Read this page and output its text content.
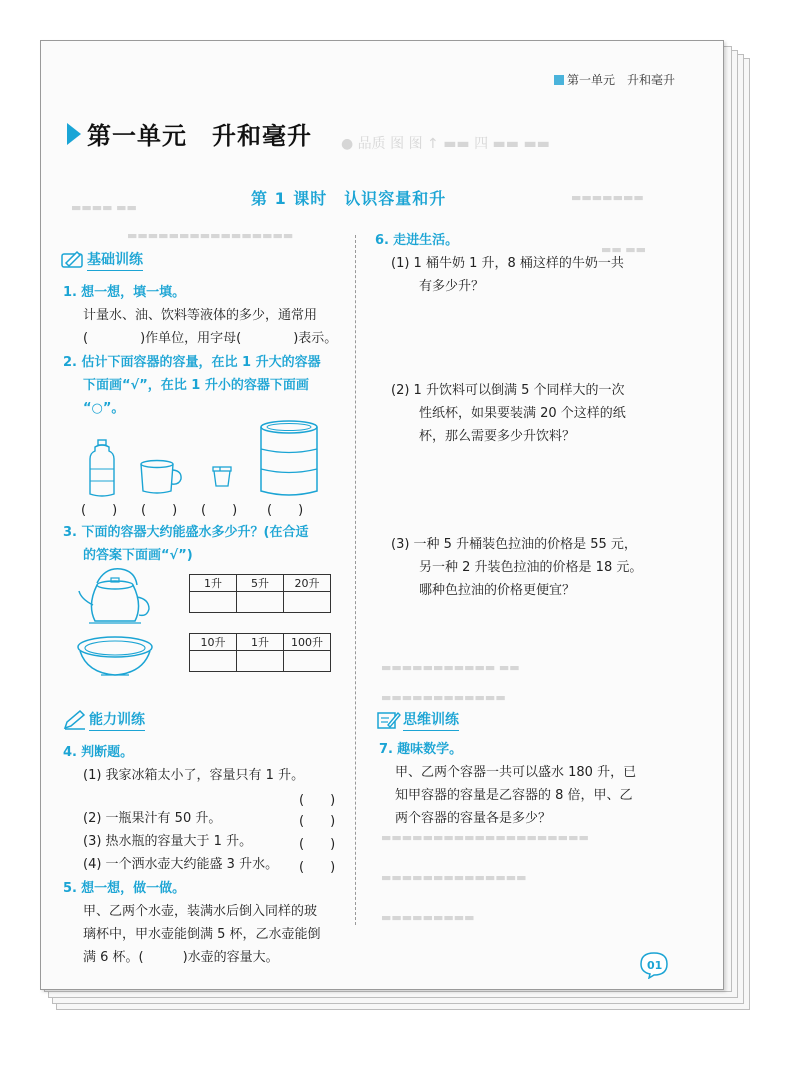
● 品质 图 图 ↑ ▬▬ 四 ▬▬ ▬▬
▬▬▬▬▬▬▬
▬▬▬▬ ▬▬
▬▬▬▬▬▬▬▬▬▬▬▬▬▬▬▬
▬▬ ▬▬
▬▬▬▬▬▬▬▬▬▬▬ ▬▬
▬▬▬▬▬▬▬▬▬▬▬▬
▬▬▬▬▬▬▬▬▬▬▬▬▬▬▬▬▬▬▬▬
▬▬▬▬▬▬▬▬▬▬▬▬▬▬
▬▬▬▬▬▬▬▬▬
第一单元　升和毫升
第一单元　升和毫升
第 1 课时　认识容量和升
基础训练
1. 想一想，填一填。
计量水、油、饮料等液体的多少，通常用
(	)作单位，用字母(	)表示。
2. 估计下面容器的容量，在比 1 升大的容器
下面画“√”，在比 1 升小的容器下面画
“○”。
(　　) (　　) (　　) (　　)
3. 下面的容器大约能盛水多少升？(在合适
的答案下面画“√”)
1升	5升	20升

10升	1升	100升

能力训练
4. 判断题。
(1) 我家冰箱太小了，容量只有 1 升。
(　　)
(2) 一瓶果汁有 50 升。	(　　)
(3) 热水瓶的容量大于 1 升。	(　　)
(4) 一个洒水壶大约能盛 3 升水。 (　　)
5. 想一想，做一做。
甲、乙两个水壶，装满水后倒入同样的玻
璃杯中，甲水壶能倒满 5 杯，乙水壶能倒
满 6 杯。(　　　)水壶的容量大。
6. 走进生活。
(1) 1 桶牛奶 1 升，8 桶这样的牛奶一共
有多少升？
(2) 1 升饮料可以倒满 5 个同样大的一次
性纸杯，如果要装满 20 个这样的纸
杯，那么需要多少升饮料？
(3) 一种 5 升桶装色拉油的价格是 55 元，
另一种 2 升装色拉油的价格是 18 元。
哪种色拉油的价格更便宜？
思维训练
7. 趣味数学。
甲、乙两个容器一共可以盛水 180 升，已
知甲容器的容量是乙容器的 8 倍，甲、乙
两个容器的容量各是多少？
01
